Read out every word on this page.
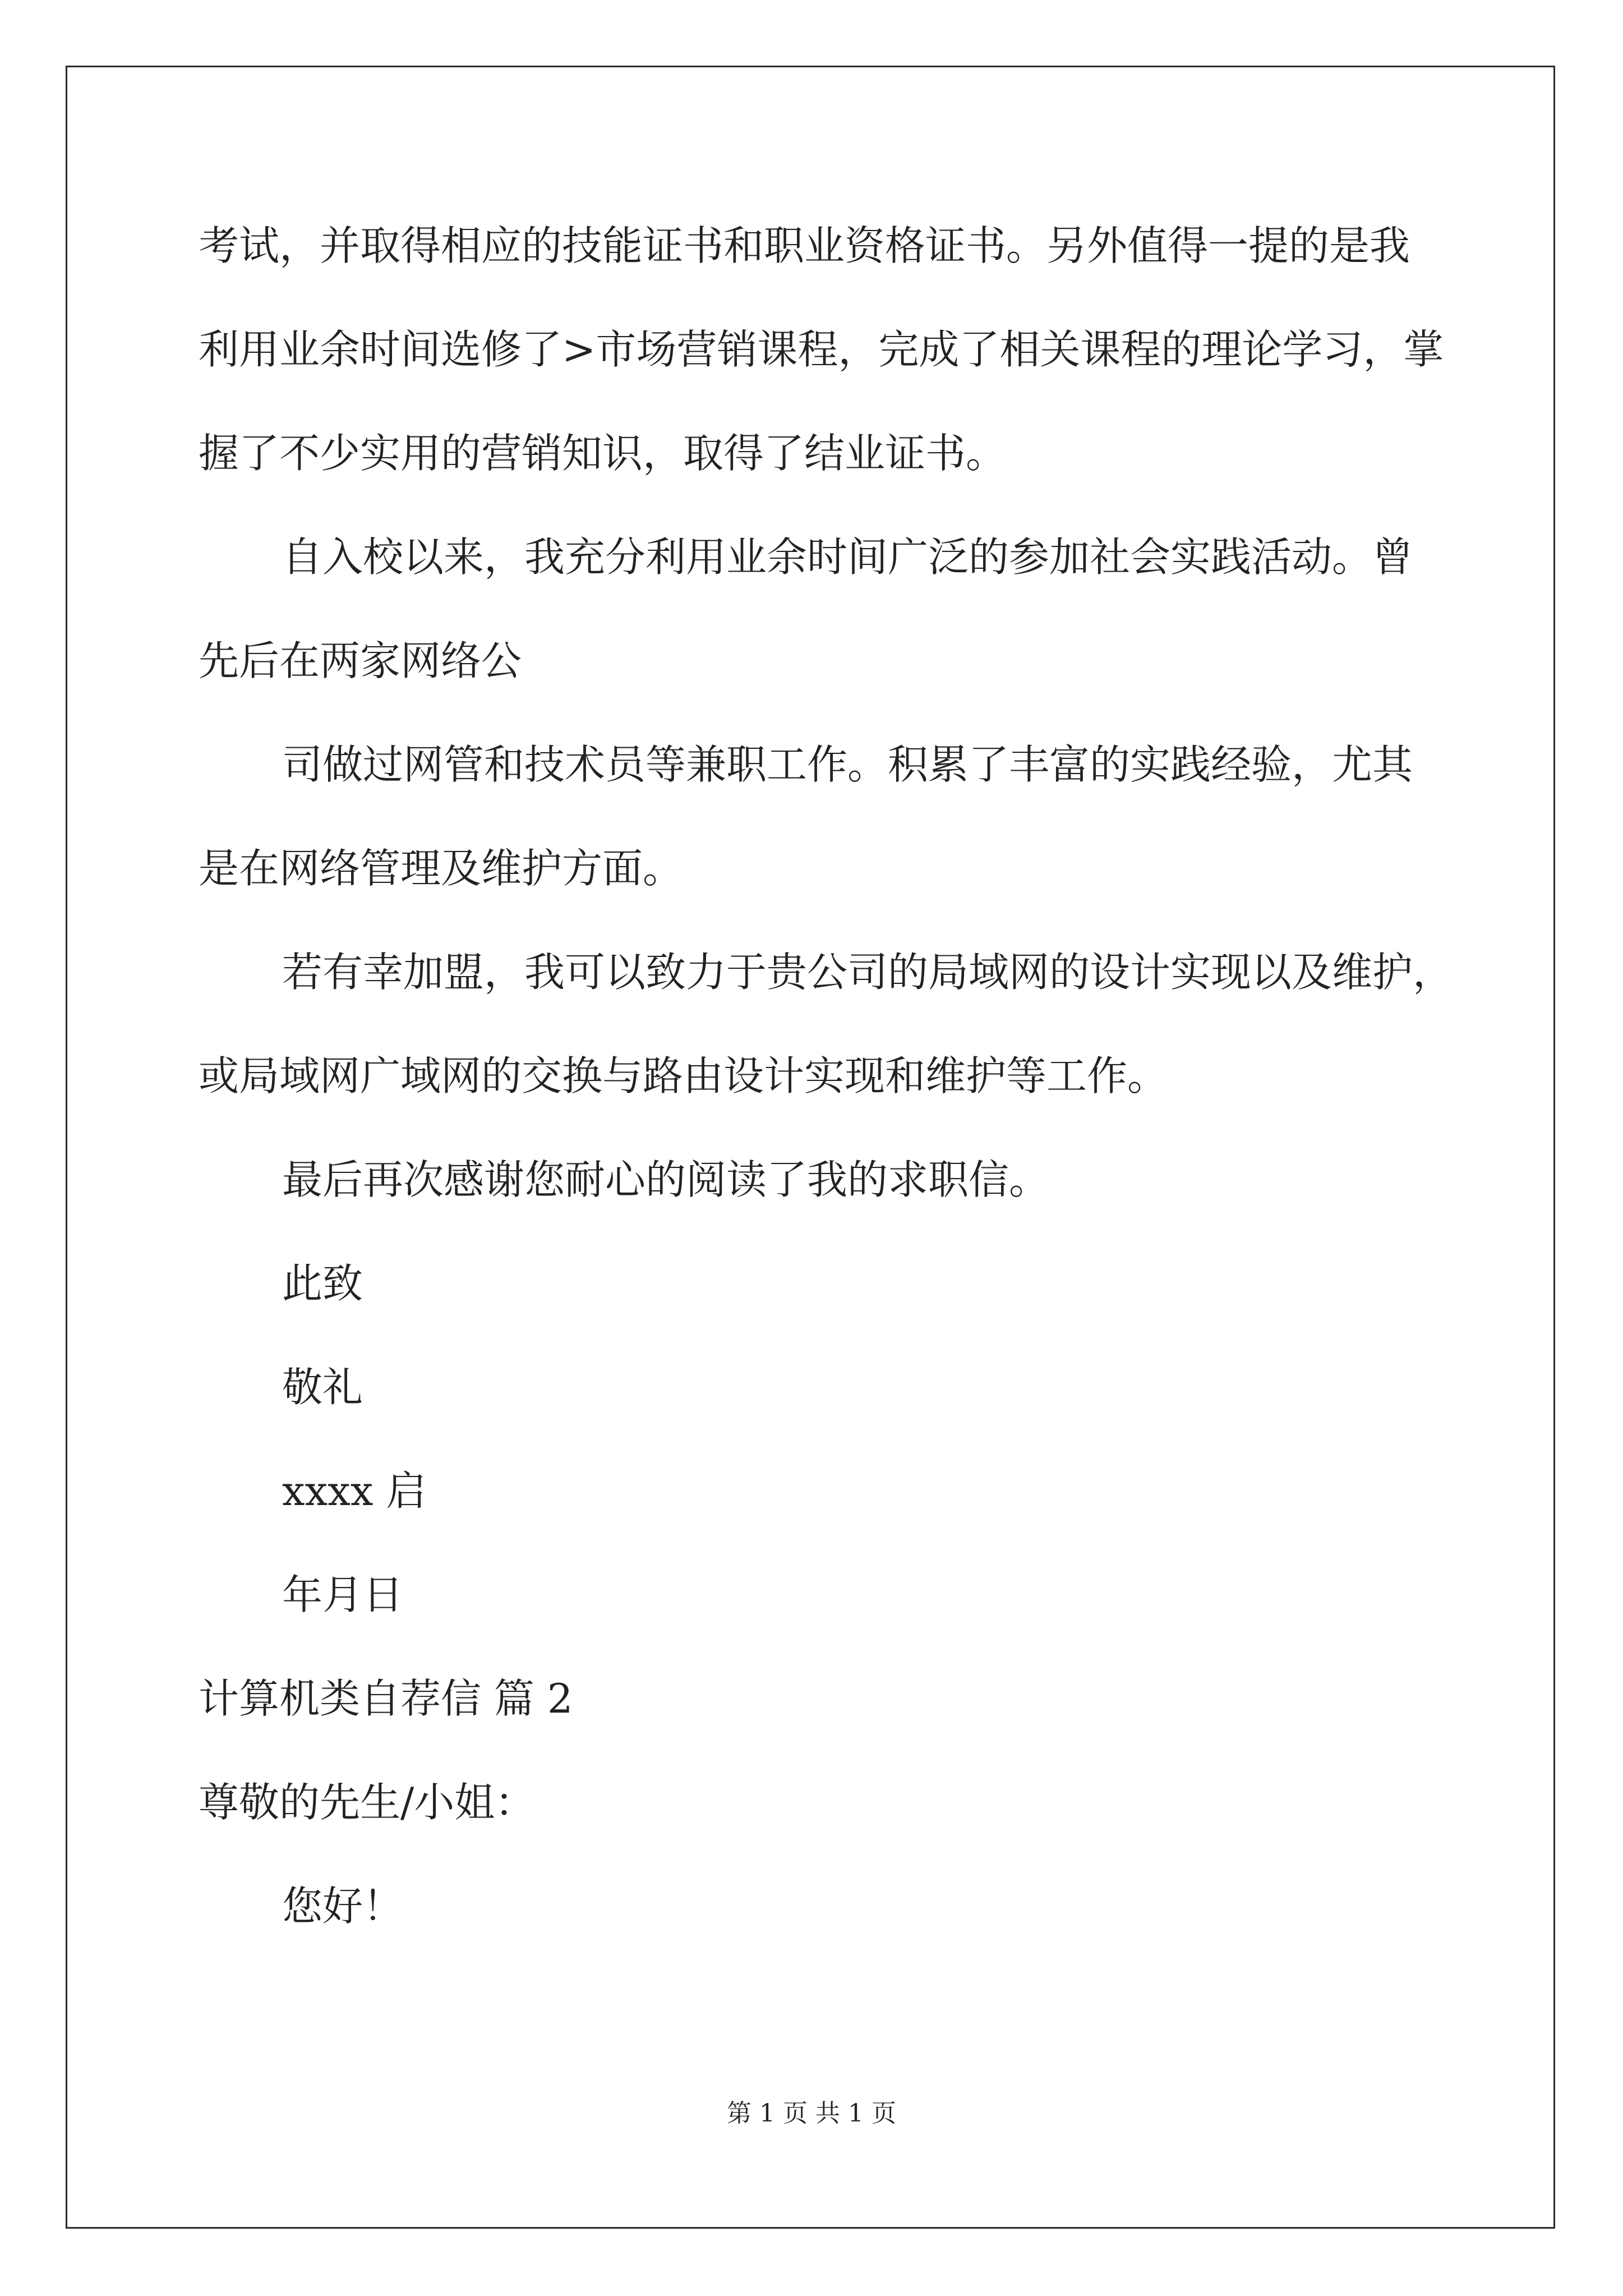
考试，并取得相应的技能证书和职业资格证书。另外值得一提的是我

利用业余时间选修了>市场营销课程，完成了相关课程的理论学习，掌

握了不少实用的营销知识，取得了结业证书。

自入校以来，我充分利用业余时间广泛的参加社会实践活动。曾

先后在两家网络公

司做过网管和技术员等兼职工作。积累了丰富的实践经验，尤其

是在网络管理及维护方面。

若有幸加盟，我可以致力于贵公司的局域网的设计实现以及维护，

或局域网广域网的交换与路由设计实现和维护等工作。

最后再次感谢您耐心的阅读了我的求职信。

此致

敬礼

xxxx 启

年月日

计算机类自荐信 篇 2

尊敬的先生/小姐：

您好！

第 1 页 共 1 页
